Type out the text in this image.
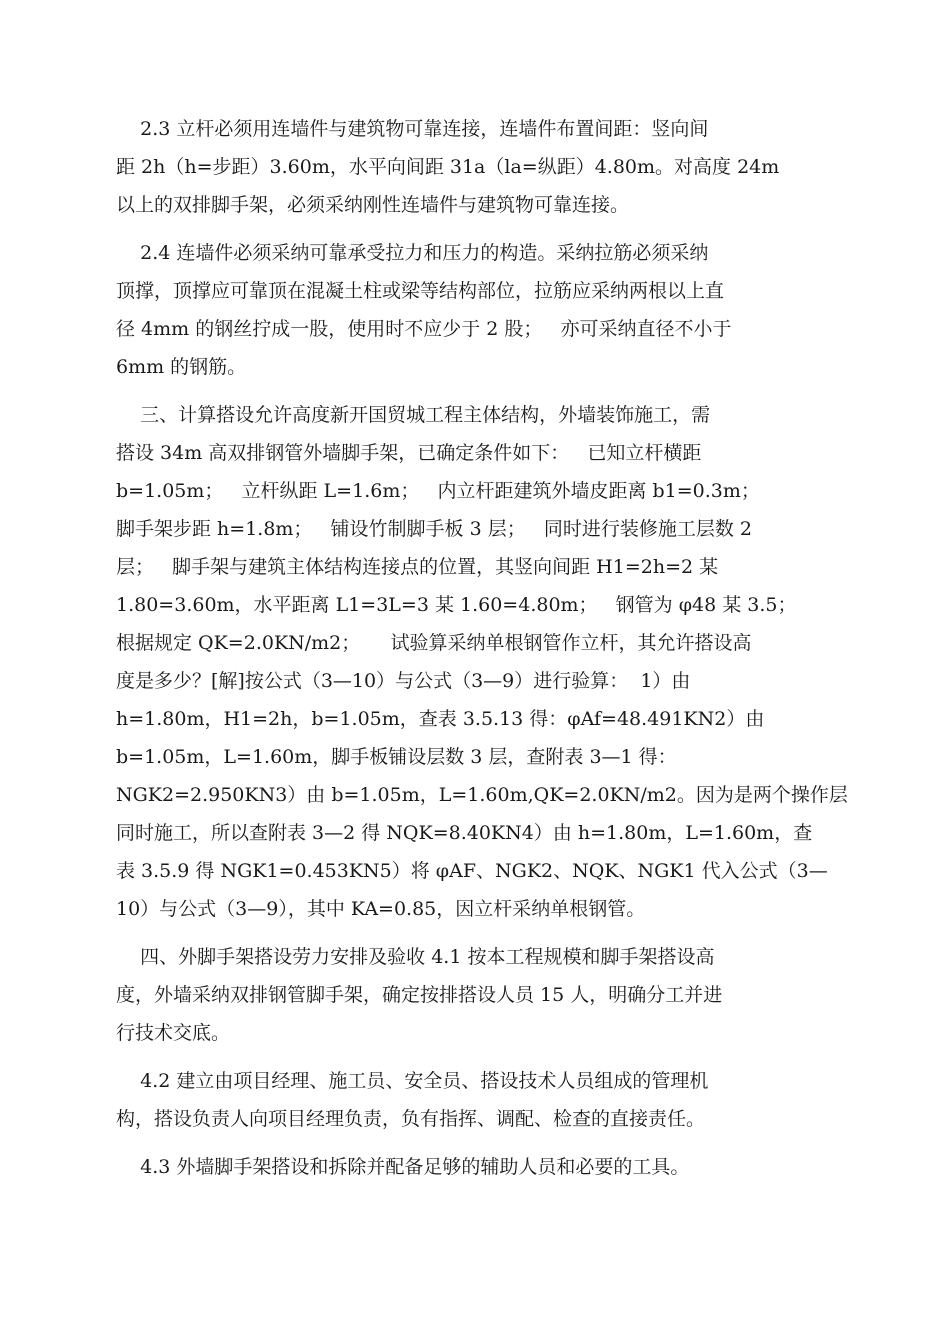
2.3 立杆必须用连墙件与建筑物可靠连接，连墙件布置间距：竖向间
距 2h（h=步距）3.60m，水平向间距 31a（la=纵距）4.80m。对高度 24m
以上的双排脚手架，必须采纳刚性连墙件与建筑物可靠连接。
2.4 连墙件必须采纳可靠承受拉力和压力的构造。采纳拉筋必须采纳
顶撑，顶撑应可靠顶在混凝土柱或梁等结构部位，拉筋应采纳两根以上直
径 4mm 的钢丝拧成一股，使用时不应少于 2 股；   亦可采纳直径不小于
6mm 的钢筋。
三、计算搭设允许高度新开国贸城工程主体结构，外墙装饰施工，需
搭设 34m 高双排钢管外墙脚手架，已确定条件如下：   已知立杆横距
b=1.05m；   立杆纵距 L=1.6m；   内立杆距建筑外墙皮距离 b1=0.3m；
脚手架步距 h=1.8m；   铺设竹制脚手板 3 层；   同时进行装修施工层数 2
层；   脚手架与建筑主体结构连接点的位置，其竖向间距 H1=2h=2 某
1.80=3.60m，水平距离 L1=3L=3 某 1.60=4.80m；   钢管为 φ48 某 3.5；
根据规定 QK=2.0KN/m2；     试验算采纳单根钢管作立杆，其允许搭设高
度是多少？[解]按公式（3—10）与公式（3—9）进行验算：  1）由
h=1.80m，H1=2h，b=1.05m，查表 3.5.13 得：φAf=48.491KN2）由
b=1.05m，L=1.60m，脚手板铺设层数 3 层，查附表 3—1 得：
NGK2=2.950KN3）由 b=1.05m，L=1.60m,QK=2.0KN/m2。因为是两个操作层
同时施工，所以查附表 3—2 得 NQK=8.40KN4）由 h=1.80m，L=1.60m，查
表 3.5.9 得 NGK1=0.453KN5）将 φAF、NGK2、NQK、NGK1 代入公式（3—
10）与公式（3—9），其中 KA=0.85，因立杆采纳单根钢管。
四、外脚手架搭设劳力安排及验收 4.1 按本工程规模和脚手架搭设高
度，外墙采纳双排钢管脚手架，确定按排搭设人员 15 人，明确分工并进
行技术交底。
4.2 建立由项目经理、施工员、安全员、搭设技术人员组成的管理机
构，搭设负责人向项目经理负责，负有指挥、调配、检查的直接责任。
4.3 外墙脚手架搭设和拆除并配备足够的辅助人员和必要的工具。
